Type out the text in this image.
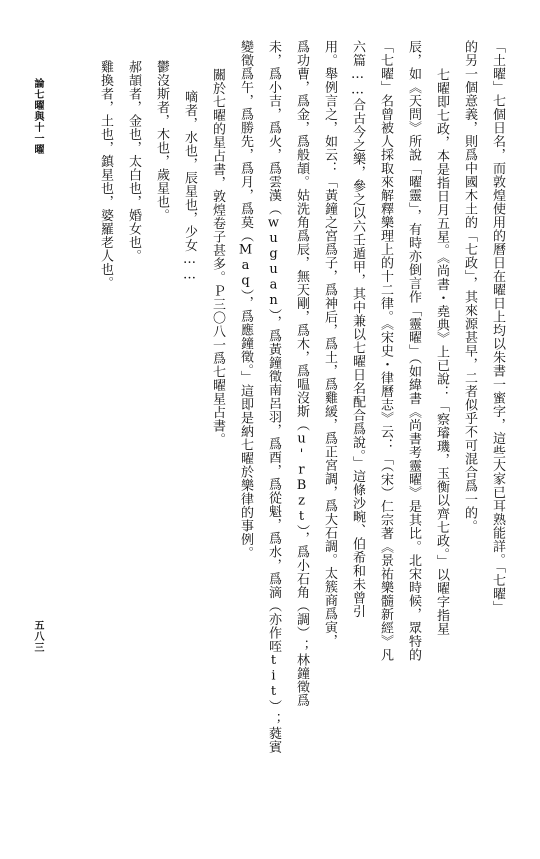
五八三
論七曜與十一曜	「土曜」七個日名，而敦煌使用的曆日在曜日上均以朱書一蜜字，這些大家已耳熟能詳。「七曜」
的另一個意義，則爲中國木土的「七政」，其來源甚早，二者似乎不可混合爲一的。
七曜即七政，本是指日月五星。《尚書・堯典》上已說：「察璿璣，玉衡以齊七政。」以曜字指星
辰，如《天問》所說「曜靈」，有時亦倒言作「靈曜」（如緯書《尚書考靈曜》是其比。北宋時候，眾特的
「七曜」名曾被人採取來解釋樂理上的十二律。《宋史・律曆志》云：「（宋）仁宗著《景祐樂髓新經》凡
六篇……合古今之樂，參之以六壬遁甲，其中兼以七曜日名配合爲說。」這條沙畹、伯希和未曾引
用。舉例言之，如云：「黃鐘之宮爲子，爲神后，爲土，爲雞緩，爲正宮調，爲大石調。太簇商爲寅，
爲功曹，爲金，爲般頡。姑洗角爲辰，無天剛，爲木，爲嗢沒斯（u'rBzt），爲小石角（調）；林鐘徵爲
未，爲小吉，爲火，爲雲漢（wuguan），爲黃鐘徵南呂羽，爲酉，爲從魁，爲水，爲滴（亦作咥tit）；蕤賓
變徵爲午，爲勝先，爲月，爲莫（Maq），爲應鐘徵。」這即是納七曜於樂律的事例。
關於七曜的星占書，敦煌卷子甚多。Ｐ三〇八一爲七曜星占書。
嘀者，水也，辰星也，少女……
鬱沒斯者，木也，歲星也。
郝頡者，金也，太白也，婚女也。
雞換者，土也，鎮星也，婆羅老人也。
